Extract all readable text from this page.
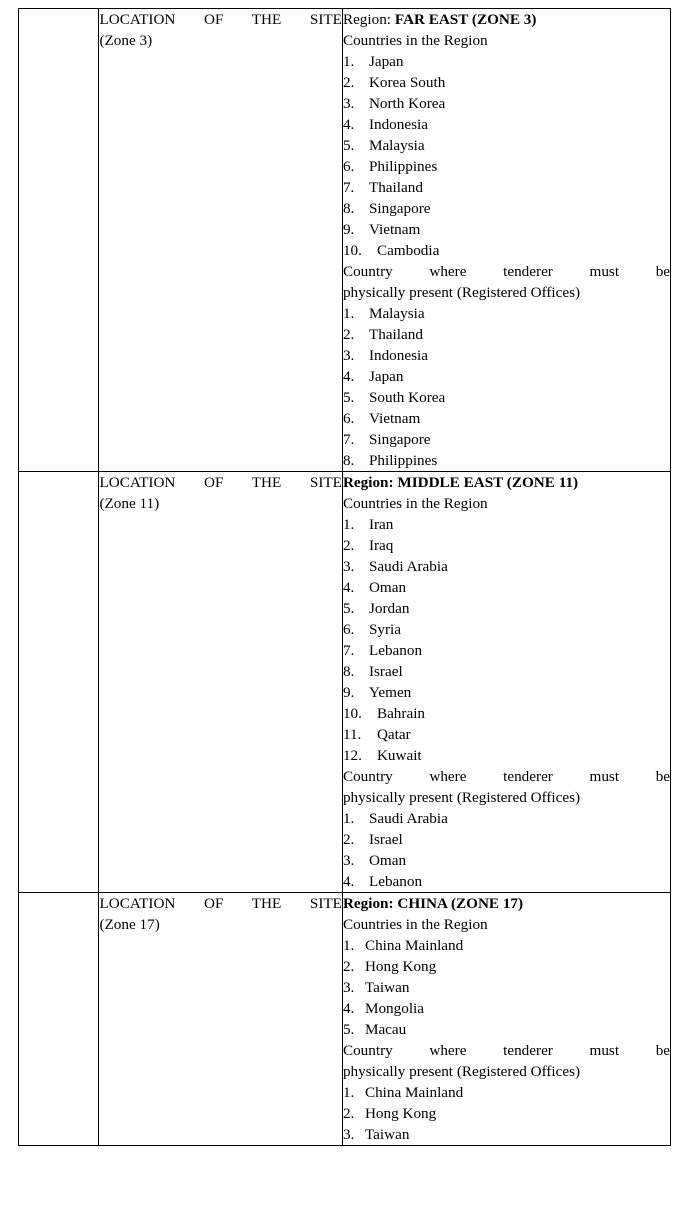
LOCATION OF THE SITE
(Zone 3)

Region: FAR EAST (ZONE 3)
Countries in the Region
1. Japan
2. Korea South
3. North Korea
4. Indonesia
5. Malaysia
6. Philippines
7. Thailand
8. Singapore
9. Vietnam
10. Cambodia
Country where tenderer must be
physically present (Registered Offices)
1. Malaysia
2. Thailand
3. Indonesia
4. Japan
5. South Korea
6. Vietnam
7. Singapore
8. Philippines

LOCATION OF THE SITE
(Zone 11)

Region: MIDDLE EAST (ZONE 11)
Countries in the Region
1. Iran
2. Iraq
3. Saudi Arabia
4. Oman
5. Jordan
6. Syria
7. Lebanon
8. Israel
9. Yemen
10. Bahrain
11.	Qatar
12. Kuwait
Country where tenderer must be
physically present (Registered Offices)
1. Saudi Arabia
2. Israel
3. Oman
4. Lebanon

LOCATION OF THE SITE
(Zone 17)

Region: CHINA (ZONE 17)
Countries in the Region
1. China Mainland
2. Hong Kong
3. Taiwan
4. Mongolia
5. Macau
Country where tenderer must be
physically present (Registered Offices)
1. China Mainland
2. Hong Kong
3. Taiwan
